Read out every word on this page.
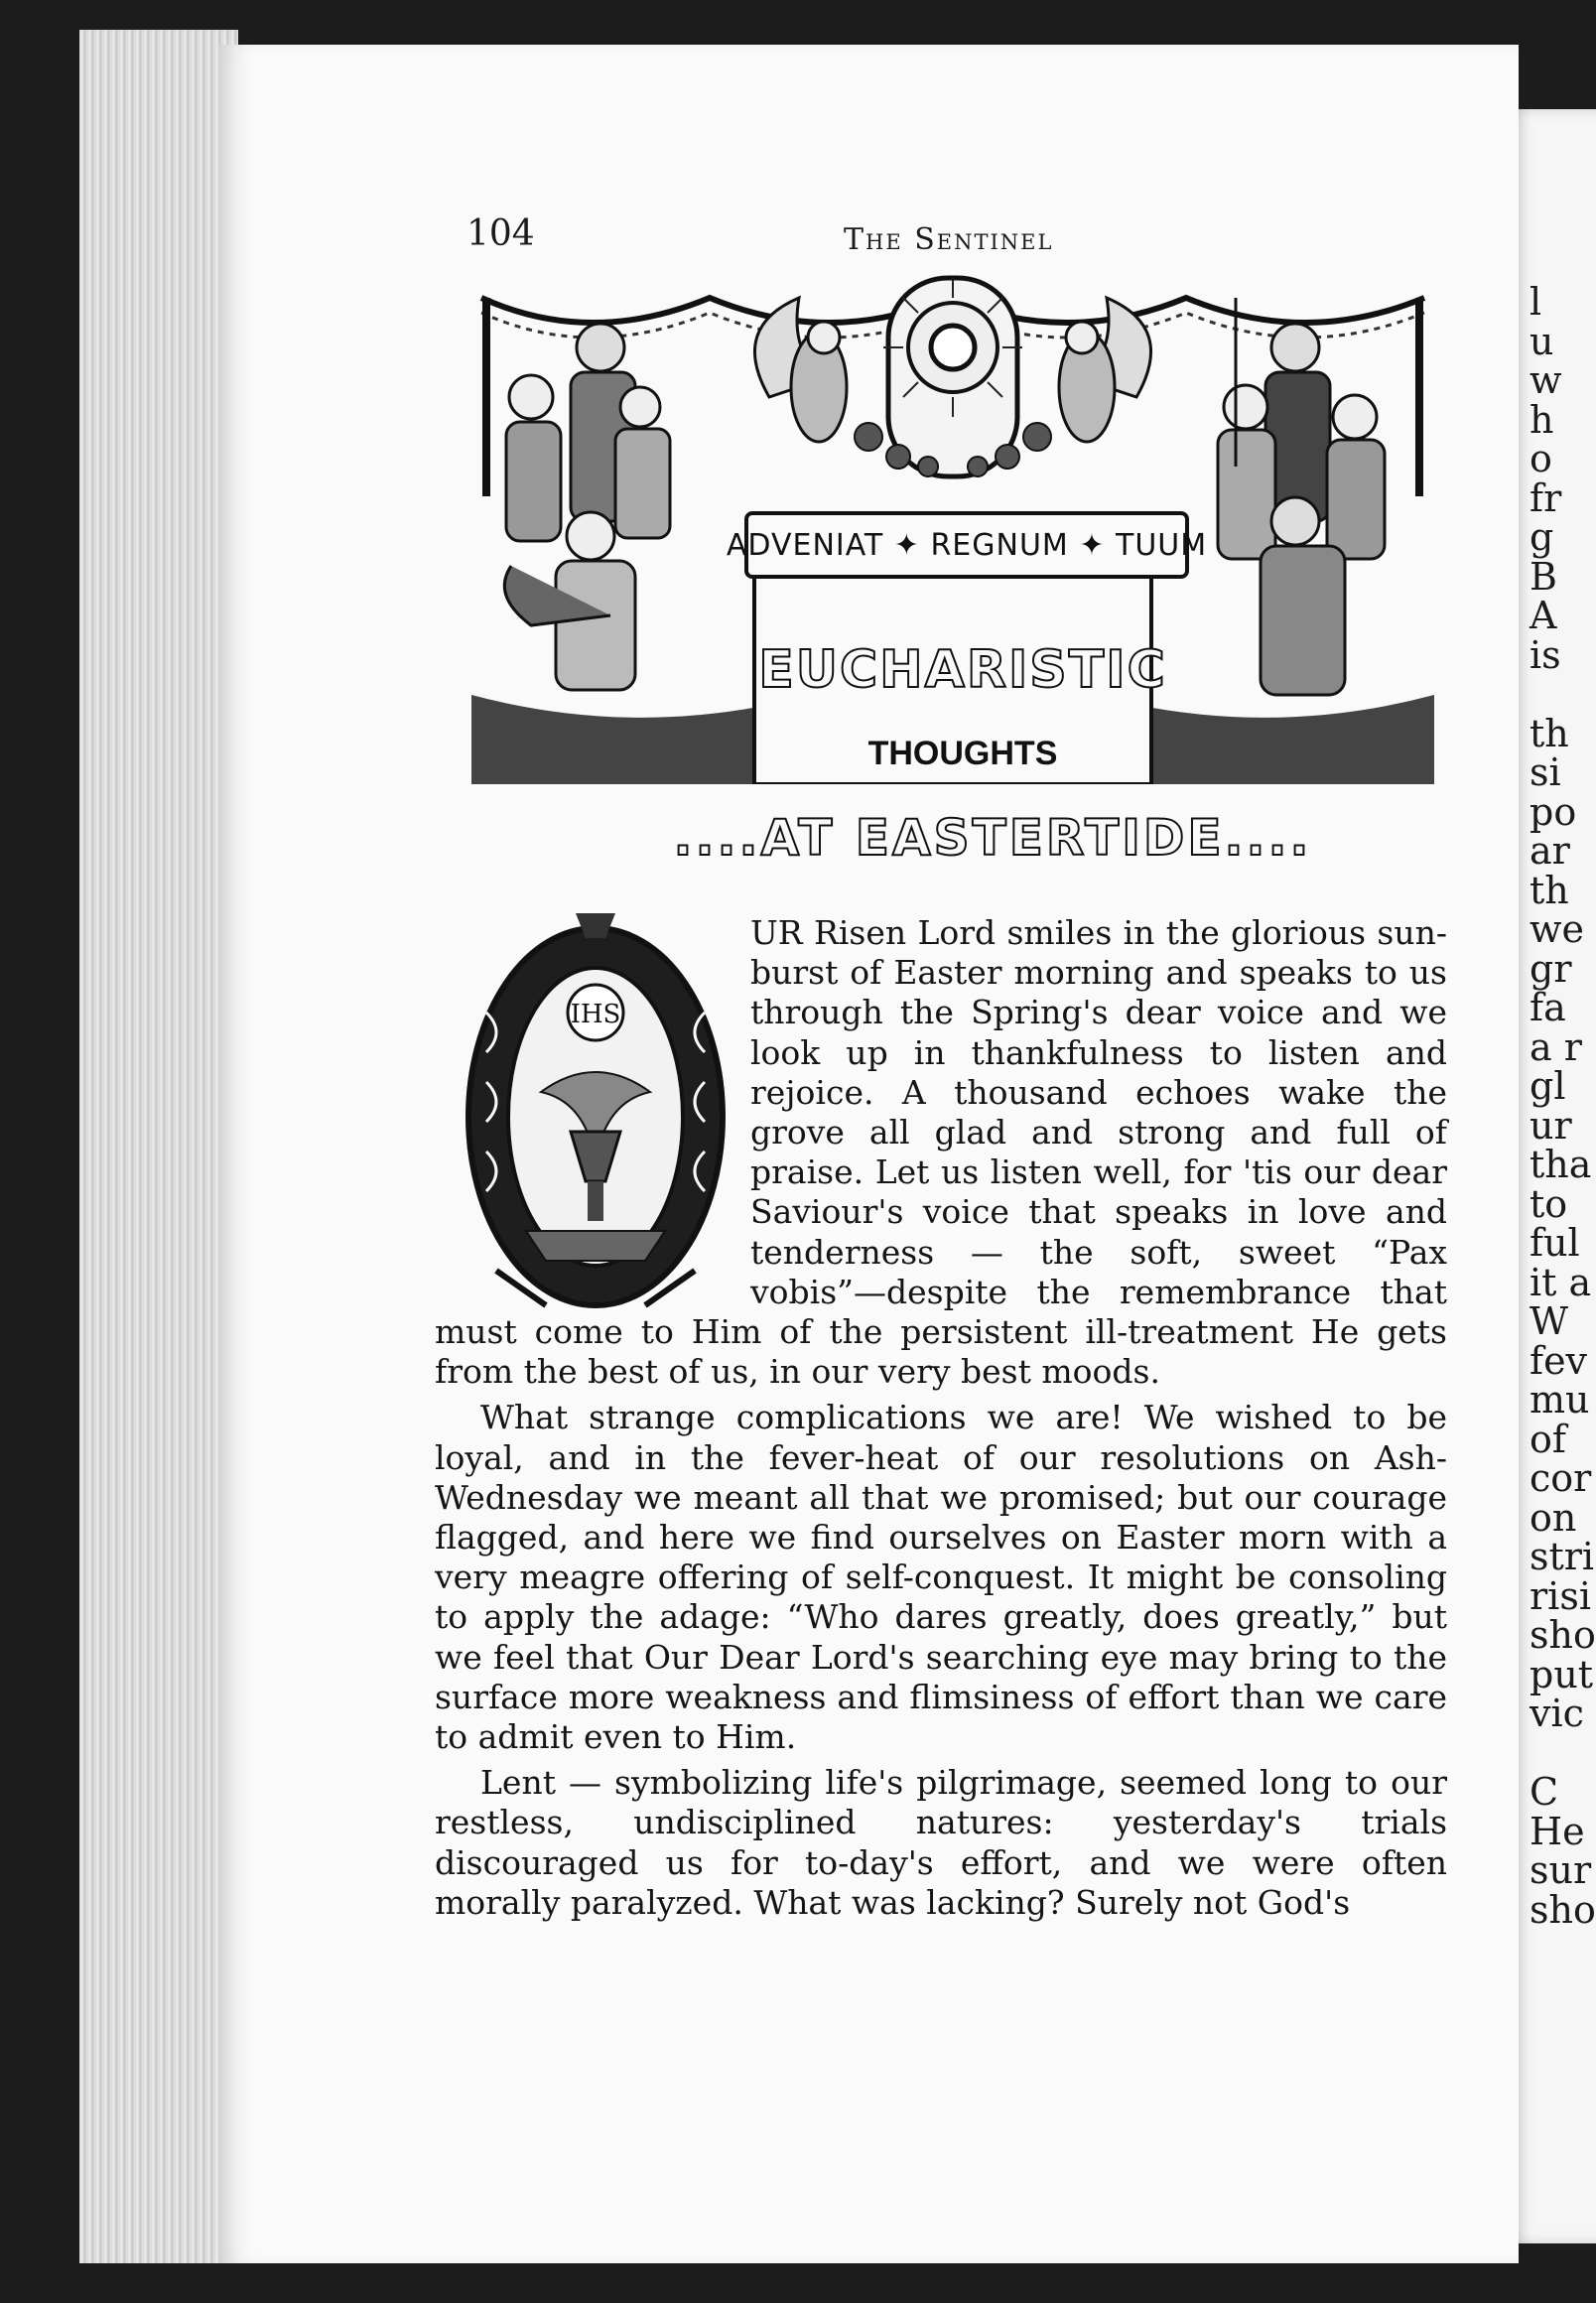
l
u
w
h
o
fr
g
B
A
is
th
si
po
ar
th
we
gr
fa
a r
gl
ur
tha
to
ful
it a
W
fev
mu
of
cor
on
stri
risi
sho
put
vic
C
He
sur
sho
104	The Sentinel
ADVENIAT ✦ REGNUM ✦ TUUM
EUCHARISTIC
THOUGHTS
....AT EASTERTIDE....
IHS

UR Risen Lord smiles in the glorious sun-burst of Easter morning and speaks to us through the Spring's dear voice and we look up in thankfulness to listen and rejoice. A thousand echoes wake the grove all glad and strong and full of praise. Let us listen well, for 'tis our dear Saviour's voice that speaks in love and tenderness — the soft, sweet “Pax vobis”—despite the remembrance that must come to Him of the persistent ill-treatment He gets from the best of us, in our very best moods.

What strange complications we are! We wished to be loyal, and in the fever-heat of our resolutions on Ash-Wednesday we meant all that we promised; but our courage flagged, and here we find ourselves on Easter morn with a very meagre offering of self-conquest. It might be consoling to apply the adage: “Who dares greatly, does greatly,” but we feel that Our Dear Lord's searching eye may bring to the surface more weakness and flimsiness of effort than we care to admit even to Him.

Lent — symbolizing life's pilgrimage, seemed long to our restless, undisciplined natures: yesterday's trials discouraged us for to-day's effort, and we were often morally paralyzed. What was lacking? Surely not God's
